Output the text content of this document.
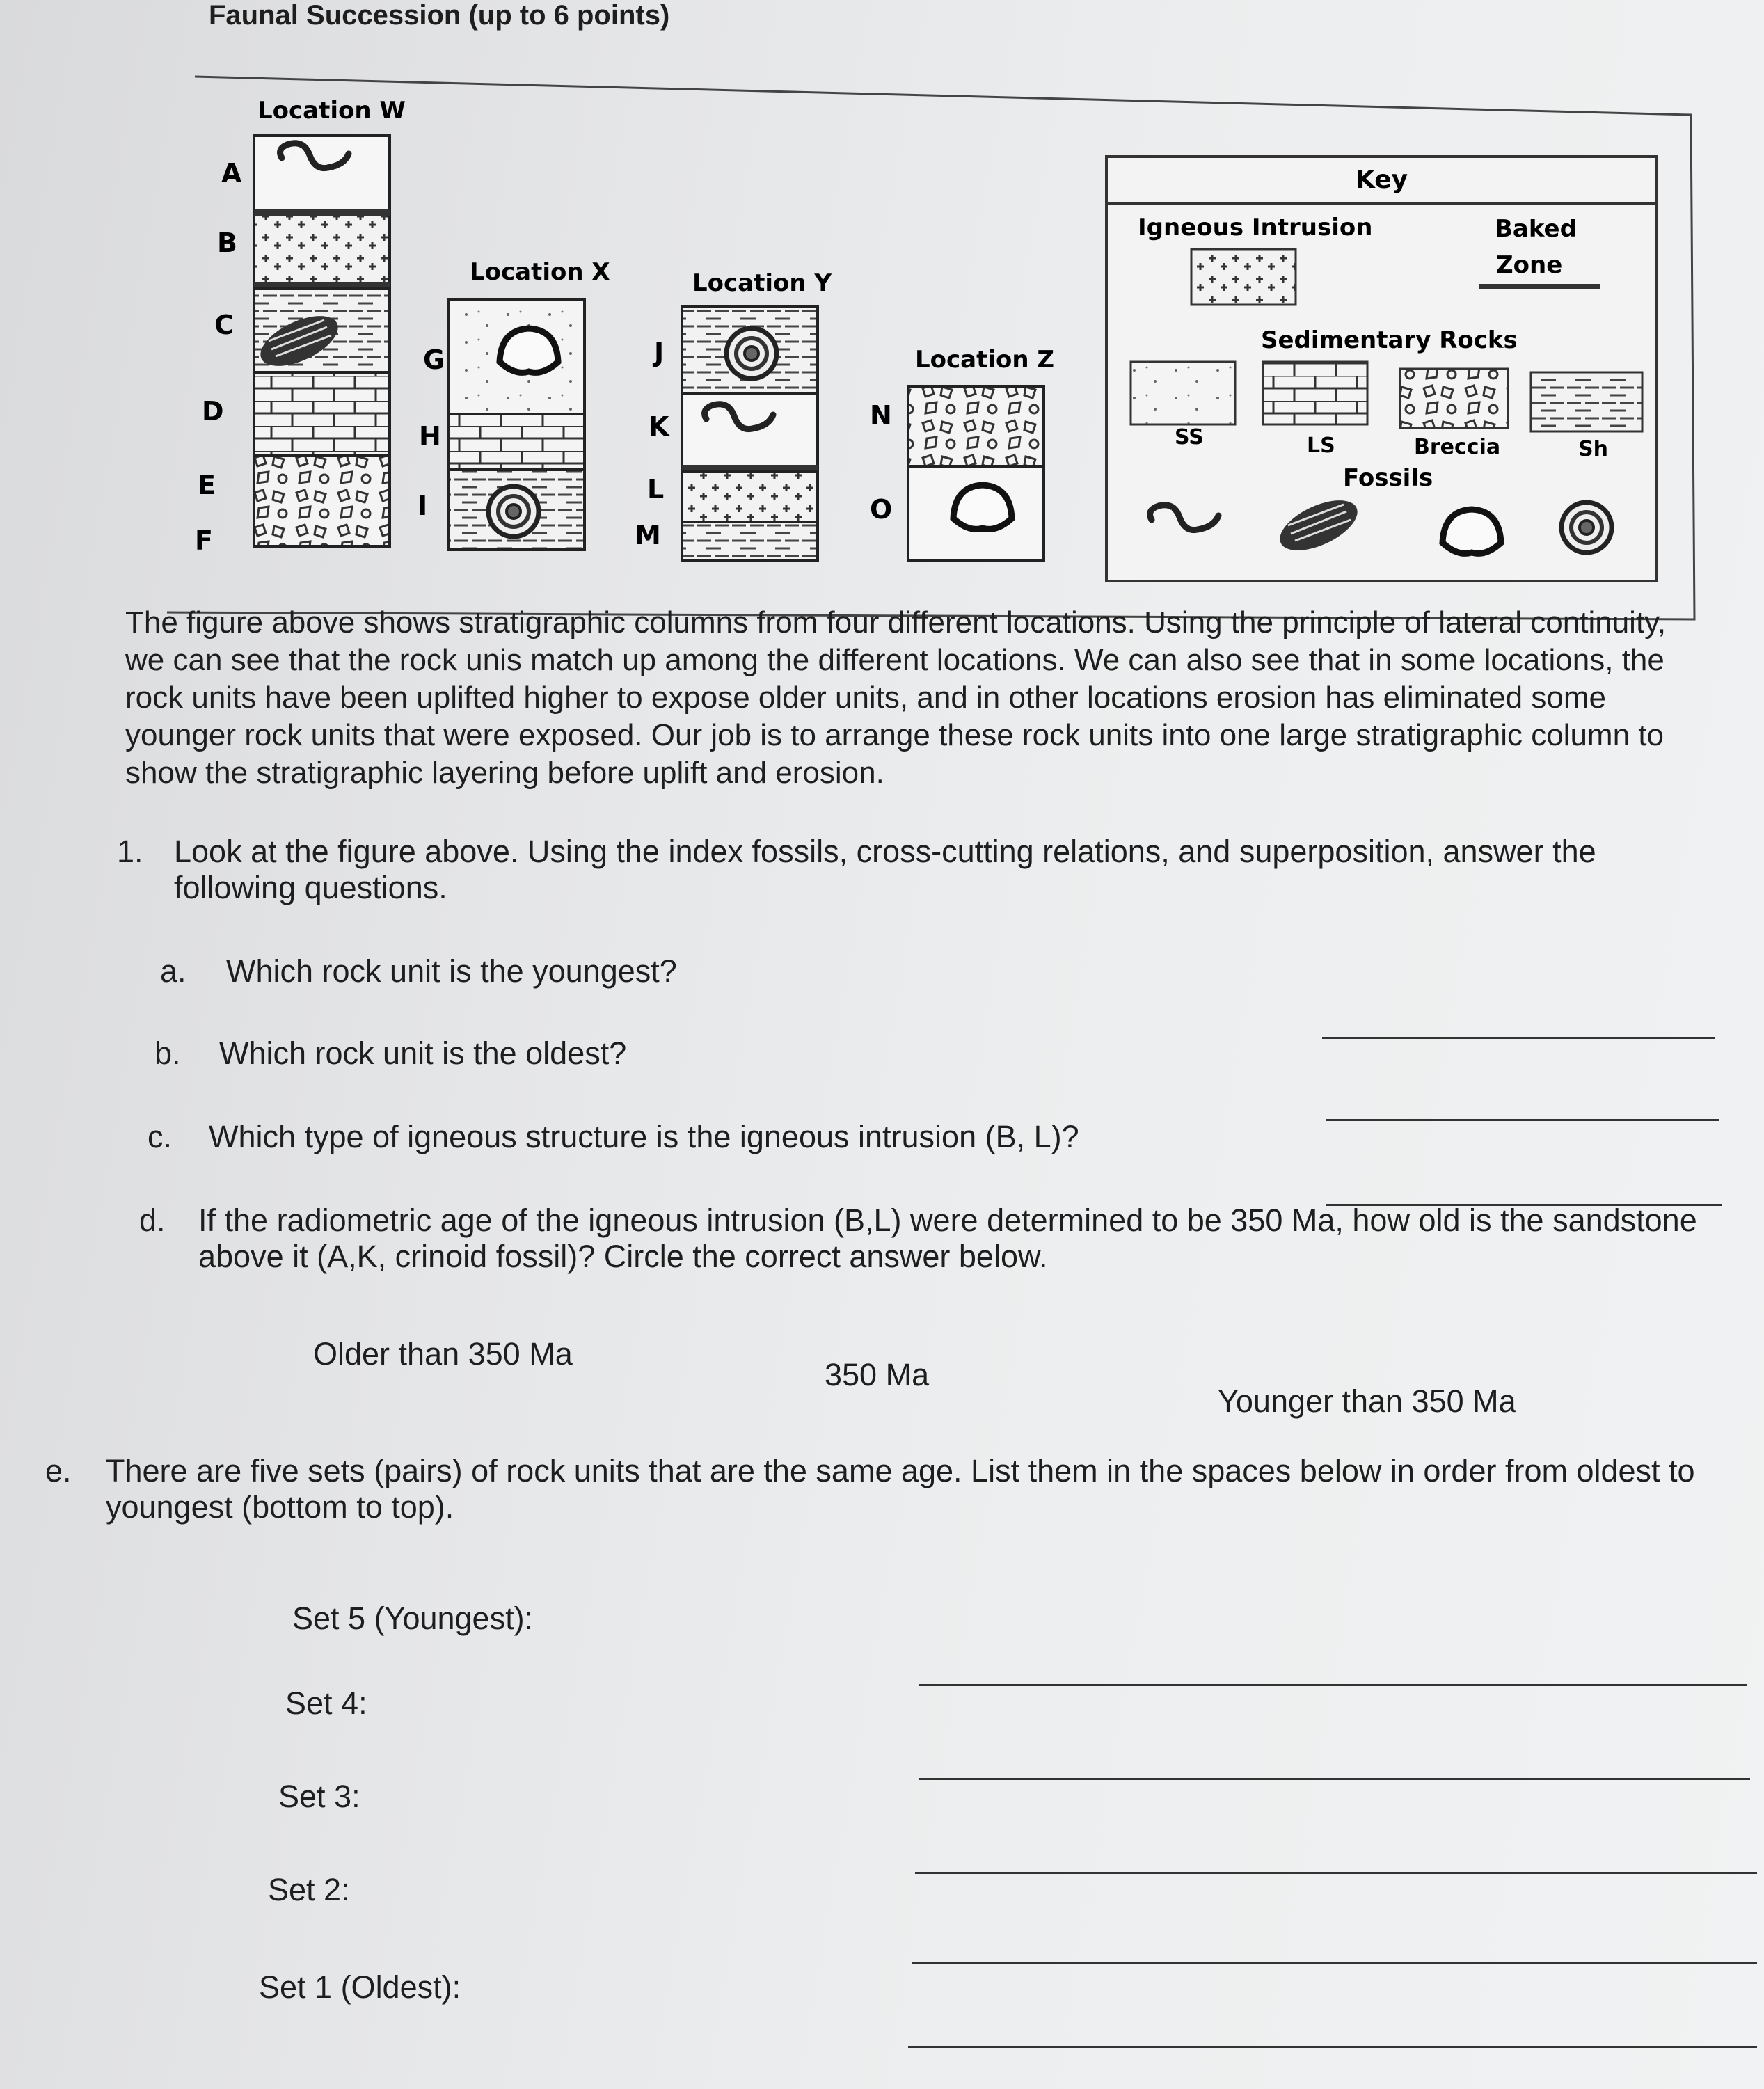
Faunal Succession (up to 6 points)
Location W
A
B
C
D
E
F
Location X
G
H
I
Location Y
J
K
L
M
Location Z
N
O
Key
Igneous Intrusion	Baked
Zone
Sedimentary Rocks
SS	LS	Breccia	Sh
Fossils
The figure above shows stratigraphic columns from four different locations. Using the principle of lateral continuity, we can see that the rock unis match up among the different locations. We can also see that in some locations, the rock units have been uplifted higher to expose older units, and in other locations erosion has eliminated some younger rock units that were exposed. Our job is to arrange these rock units into one large stratigraphic column to show the stratigraphic layering before uplift and erosion.
1. Look at the figure above. Using the index fossils, cross-cutting relations, and superposition, answer the following questions.
a. Which rock unit is the youngest?
b. Which rock unit is the oldest?
c. Which type of igneous structure is the igneous intrusion (B, L)?
d. If the radiometric age of the igneous intrusion (B,L) were determined to be 350 Ma, how old is the sandstone above it (A,K, crinoid fossil)? Circle the correct answer below.
Older than 350 Ma
350 Ma
Younger than 350 Ma
e. There are five sets (pairs) of rock units that are the same age. List them in the spaces below in order from oldest to youngest (bottom to top).
Set 5 (Youngest):
Set 4:
Set 3:
Set 2:
Set 1 (Oldest):
